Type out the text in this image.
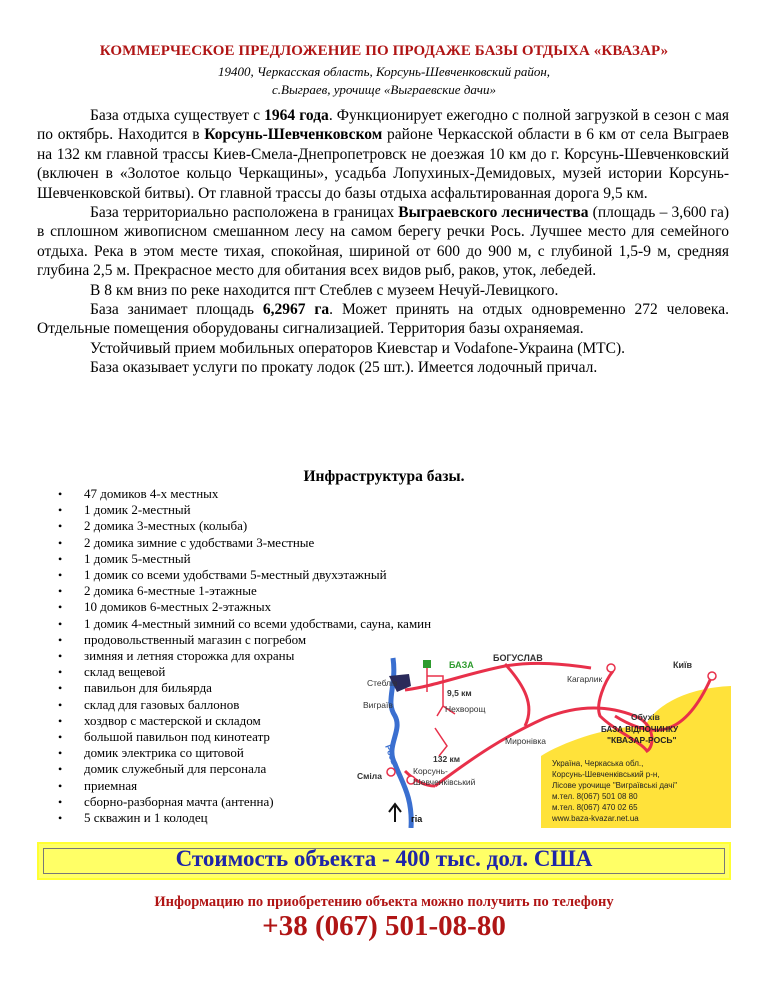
КОММЕРЧЕСКОЕ ПРЕДЛОЖЕНИЕ ПО ПРОДАЖЕ БАЗЫ ОТДЫХА «КВАЗАР»
19400, Черкасская область, Корсунь-Шевченковский район,
с.Выграев, урочище «Выграевские дачи»

База отдыха существует с 1964 года. Функционирует ежегодно с полной загрузкой в сезон с мая по октябрь. Находится в Корсунь-Шевченковском районе Черкасской области в 6 км от села Выграев на 132 км главной трассы Киев-Смела-Днепропетровск не доезжая 10 км до г. Корсунь-Шевченковский (включен в «Золотое кольцо Черкащины», усадьба Лопухиных-Демидовых, музей истории Корсунь-Шевченковской битвы). От главной трассы до базы отдыха асфальтированная дорога 9,5 км.

База территориально расположена в границах Выграевского лесничества (площадь – 3,600 га) в сплошном живописном смешанном лесу на самом берегу речки Рось. Лучшее место для семейного отдыха. Река в этом месте тихая, спокойная, шириной от 600 до 900 м, с глубиной 1,5-9 м, средняя глубина 2,5 м. Прекрасное место для обитания всех видов рыб, раков, уток, лебедей.

В 8 км вниз по реке находится пгт Стеблев с музеем Нечуй-Левицкого.

База занимает площадь 6,2967 га. Может принять на отдых одновременно 272 человека. Отдельные помещения оборудованы сигнализацией. Территория базы охраняемая.

Устойчивый прием мобильных операторов Киевстар и Vodafone-Украина (МТС).

База оказывает услуги по прокату лодок (25 шт.). Имеется лодочный причал.

Инфраструктура базы.
• 47 домиков 4-х местных
• 1 домик 2-местный
• 2 домика 3-местных (колыба)
• 2 домика зимние с удобствами 3-местные
• 1 домик 5-местный
• 1 домик со всеми удобствами 5-местный двухэтажный
• 2 домика 6-местные 1-этажные
• 10 домиков 6-местных 2-этажных
• 1 домик 4-местный зимний со всеми удобствами, сауна, камин
• продовольственный магазин с погребом
• зимняя и летняя сторожка для охраны
• склад вещевой
• павильон для бильярда
• склад для газовых баллонов
• хоздвор с мастерской и складом
• большой павильон под кинотеатр
• домик электрика со щитовой
• домик служебный для персонала
• приемная
• сборно-разборная мачта (антенна)
• 5 скважин и 1 колодец
БАЗА
БОГУСЛАВ
Київ
Стеблів
Виграїв
9,5 км
Нехворощ
Кагарлик
Обухів
Рось	132 км
Миронівка
Сміла	Корсунь-
Шевченківський
гіа
БАЗА ВІДПОЧИНКУ
"КВАЗАР-РОСЬ"
Україна, Черкаська обл.,
Корсунь-Шевченківський р-н,
Лісове урочище "Виграївські дачі"
м.тел. 8(067) 501 08 80
м.тел. 8(067) 470 02 65
www.baza-kvazar.net.ua
Стоимость объекта - 400 тыс. дол. США
Информацию по приобретению объекта можно получить по телефону
+38 (067) 501-08-80
